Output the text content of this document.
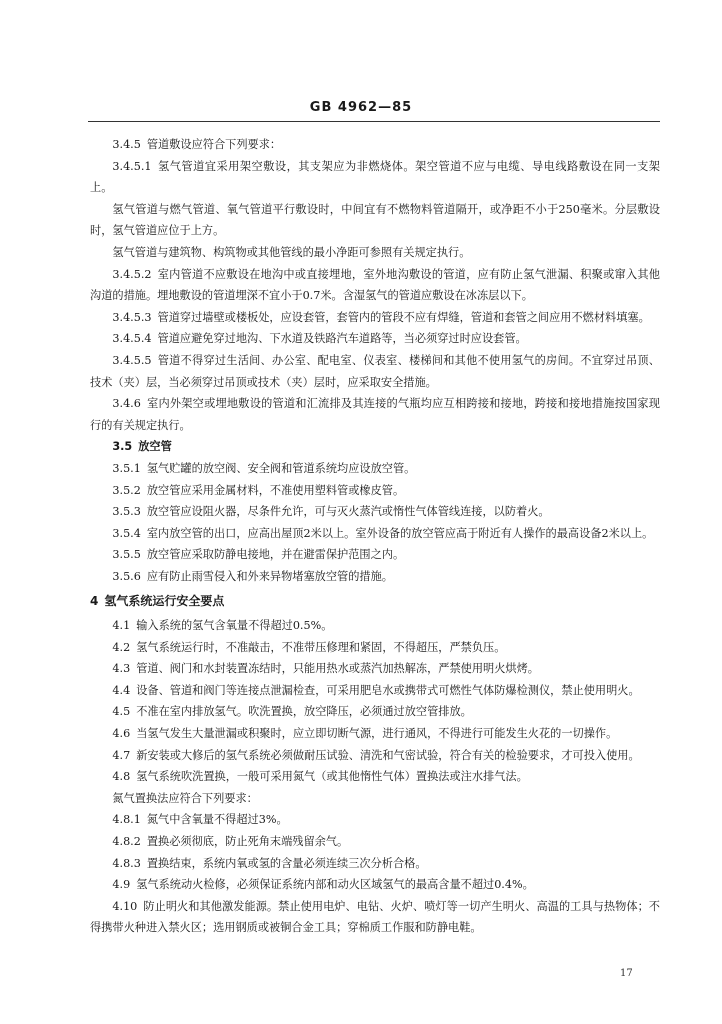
GB 4962—85

3.4.5 管道敷设应符合下列要求：

3.4.5.1 氢气管道宜采用架空敷设，其支架应为非燃烧体。架空管道不应与电缆、导电线路敷设在同一支架上。

氢气管道与燃气管道、氧气管道平行敷设时，中间宜有不燃物料管道隔开，或净距不小于250毫米。分层敷设时，氢气管道应位于上方。

氢气管道与建筑物、构筑物或其他管线的最小净距可参照有关规定执行。

3.4.5.2 室内管道不应敷设在地沟中或直接埋地，室外地沟敷设的管道，应有防止氢气泄漏、积聚或窜入其他沟道的措施。埋地敷设的管道埋深不宜小于0.7米。含湿氢气的管道应敷设在冰冻层以下。

3.4.5.3 管道穿过墙壁或楼板处，应设套管，套管内的管段不应有焊缝，管道和套管之间应用不燃材料填塞。

3.4.5.4 管道应避免穿过地沟、下水道及铁路汽车道路等，当必须穿过时应设套管。

3.4.5.5 管道不得穿过生活间、办公室、配电室、仪表室、楼梯间和其他不使用氢气的房间。不宜穿过吊顶、技术（夹）层，当必须穿过吊顶或技术（夹）层时，应采取安全措施。

3.4.6 室内外架空或埋地敷设的管道和汇流排及其连接的气瓶均应互相跨接和接地，跨接和接地措施按国家现行的有关规定执行。

3.5 放空管

3.5.1 氢气贮罐的放空阀、安全阀和管道系统均应设放空管。

3.5.2 放空管应采用金属材料，不准使用塑料管或橡皮管。

3.5.3 放空管应设阻火器，尽条件允许，可与灭火蒸汽或惰性气体管线连接，以防着火。

3.5.4 室内放空管的出口，应高出屋顶2米以上。室外设备的放空管应高于附近有人操作的最高设备2米以上。

3.5.5 放空管应采取防静电接地，并在避雷保护范围之内。

3.5.6 应有防止雨雪侵入和外来异物堵塞放空管的措施。

4 氢气系统运行安全要点

4.1 输入系统的氢气含氧量不得超过0.5%。

4.2 氢气系统运行时，不准敲击，不准带压修理和紧固，不得超压，严禁负压。

4.3 管道、阀门和水封装置冻结时，只能用热水或蒸汽加热解冻，严禁使用明火烘烤。

4.4 设备、管道和阀门等连接点泄漏检查，可采用肥皂水或携带式可燃性气体防爆检测仪，禁止使用明火。

4.5 不准在室内排放氢气。吹洗置换，放空降压，必须通过放空管排放。

4.6 当氢气发生大量泄漏或积聚时，应立即切断气源，进行通风，不得进行可能发生火花的一切操作。

4.7 新安装或大修后的氢气系统必须做耐压试验、清洗和气密试验，符合有关的检验要求，才可投入使用。

4.8 氢气系统吹洗置换，一般可采用氮气（或其他惰性气体）置换法或注水排气法。

氮气置换法应符合下列要求：

4.8.1 氮气中含氧量不得超过3%。

4.8.2 置换必须彻底，防止死角末端残留余气。

4.8.3 置换结束，系统内氧或氢的含量必须连续三次分析合格。

4.9 氢气系统动火检修，必须保证系统内部和动火区域氢气的最高含量不超过0.4%。

4.10 防止明火和其他激发能源。禁止使用电炉、电钻、火炉、喷灯等一切产生明火、高温的工具与热物体；不得携带火种进入禁火区；选用钢质或被铜合金工具；穿棉质工作服和防静电鞋。

17
